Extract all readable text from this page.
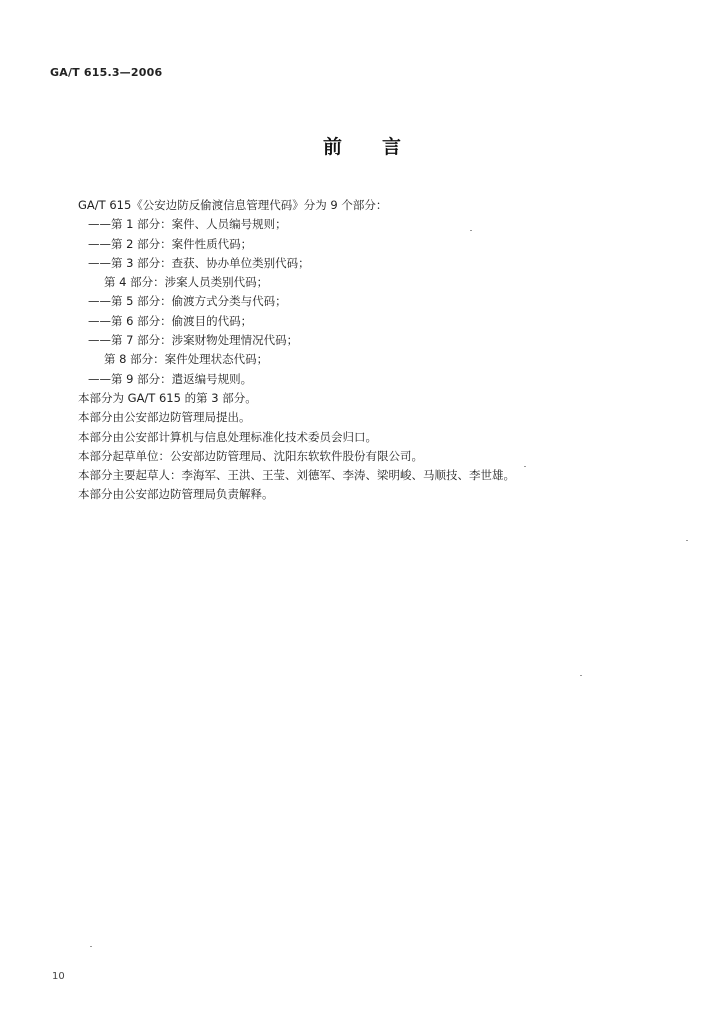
GA/T 615.3—2006
前言
GA/T 615《公安边防反偷渡信息管理代码》分为 9 个部分：
——第 1 部分：案件、人员编号规则；
——第 2 部分：案件性质代码；
——第 3 部分：查获、协办单位类别代码；
第 4 部分：涉案人员类别代码；
——第 5 部分：偷渡方式分类与代码；
——第 6 部分：偷渡目的代码；
——第 7 部分：涉案财物处理情况代码；
第 8 部分：案件处理状态代码；
——第 9 部分：遣返编号规则。
本部分为 GA/T 615 的第 3 部分。
本部分由公安部边防管理局提出。
本部分由公安部计算机与信息处理标准化技术委员会归口。
本部分起草单位：公安部边防管理局、沈阳东软软件股份有限公司。
本部分主要起草人：李海军、王洪、王莹、刘德军、李涛、梁明峻、马顺技、李世雄。
本部分由公安部边防管理局负责解释。
10
